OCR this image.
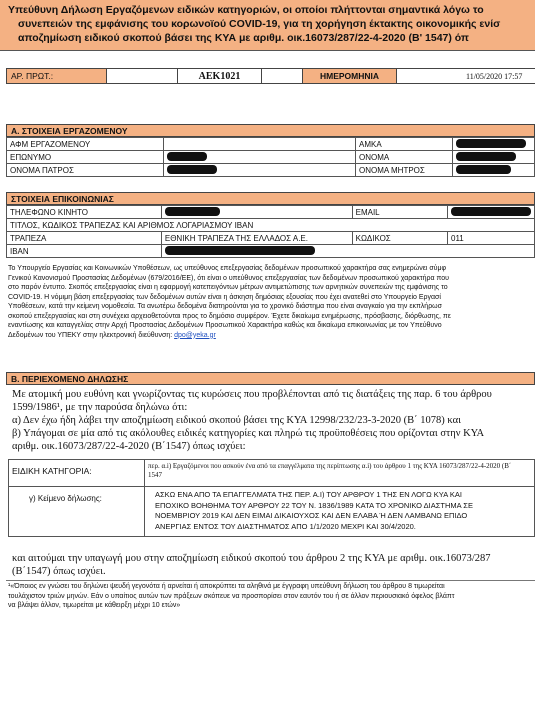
Υπεύθυνη Δήλωση Εργαζόμενων ειδικών κατηγοριών, οι οποίοι πλήττονται σημαντικά λόγω το
συνεπειών της εμφάνισης του κορωνοϊού COVID-19, για τη χορήγηση έκτακτης οικονομικής ενίσ
αποζημίωση ειδικού σκοπού βάσει της ΚΥΑ με αριθμ. οικ.16073/287/22-4-2020 (Β' 1547) όπ
ΑΡ. ΠΡΩΤ.:	ΑΕΚ1021	ΗΜΕΡΟΜΗΝΙΑ	11/05/2020 17:57
Α. ΣΤΟΙΧΕΙΑ ΕΡΓΑΖΟΜΕΝΟΥ
ΑΦΜ ΕΡΓΑΖΟΜΕΝΟΥ		ΑΜΚΑ	
ΕΠΩΝΥΜΟ		ΟΝΟΜΑ	
ΟΝΟΜΑ ΠΑΤΡΟΣ		ΟΝΟΜΑ ΜΗΤΡΟΣ	
ΣΤΟΙΧΕΙΑ ΕΠΙΚΟΙΝΩΝΙΑΣ
ΤΗΛΕΦΩΝΟ ΚΙΝΗΤΟ		EMAIL	
ΤΙΤΛΟΣ, ΚΩΔΙΚΟΣ ΤΡΑΠΕΖΑΣ ΚΑΙ ΑΡΙΘΜΟΣ ΛΟΓΑΡΙΑΣΜΟΥ IBAN			
ΤΡΑΠΕΖΑ	ΕΘΝΙΚΗ ΤΡΑΠΕΖΑ ΤΗΣ ΕΛΛΑΔΟΣ Α.Ε.	ΚΩΔΙΚΟΣ	011
IBAN			
Το Υπουργείο Εργασίας και Κοινωνικών Υποθέσεων, ως υπεύθυνος επεξεργασίας δεδομένων προσωπικού χαρακτήρα σας ενημερώνει σύμφ
Γενικού Κανονισμού Προστασίας Δεδομένων (679/2016/ΕΕ), ότι είναι ο υπεύθυνος επεξεργασίας των δεδομένων προσωπικού χαρακτήρα που
στο παρόν έντυπο. Σκοπός επεξεργασίας είναι η εφαρμογή κατεπειγόντων μέτρων αντιμετώπισης των αρνητικών συνεπειών της εμφάνισης το
COVID-19. Η νόμιμη βάση επεξεργασίας των δεδομένων αυτών είναι η άσκηση δημόσιας εξουσίας που έχει ανατεθεί στο Υπουργείο Εργασί
Υποθέσεων, κατά την κείμενη νομοθεσία. Τα ανωτέρω δεδομένα διατηρούνται για το χρονικό διάστημα που είναι αναγκαίο για την εκπλήρωσ
σκοπού επεξεργασίας και στη συνέχεια αρχειοθετούνται προς το δημόσιο συμφέρον. Έχετε δικαίωμα ενημέρωσης, πρόσβασης, διόρθωσης, πε
εναντίωσης και καταγγελίας στην Αρχή Προστασίας Δεδομένων Προσωπικού Χαρακτήρα καθώς και δικαίωμα επικοινωνίας με τον Υπεύθυνο
Δεδομένων του ΥΠΕΚΥ στην ηλεκτρονική διεύθυνση: dpo@yeka.gr
Β. ΠΕΡΙΕΧΟΜΕΝΟ ΔΗΛΩΣΗΣ
Με ατομική μου ευθύνη και γνωρίζοντας τις κυρώσεις που προβλέπονται από τις διατάξεις της παρ. 6 του άρθρου
1599/1986¹, με την παρούσα δηλώνω ότι:
α) Δεν έχω ήδη λάβει την αποζημίωση ειδικού σκοπού βάσει της ΚΥΑ 12998/232/23-3-2020 (Β΄ 1078) και
β) Υπάγομαι σε μία από τις ακόλουθες ειδικές κατηγορίες και πληρώ τις προϋποθέσεις που ορίζονται στην ΚΥΑ
αριθμ. οικ.16073/287/22-4-2020 (Β΄1547) όπως ισχύει:
ΕΙΔΙΚΗ ΚΑΤΗΓΟΡΙΑ:	περ. α.i) Εργαζόμενοι που ασκούν ένα από τα επαγγέλματα της περίπτωσης α.i) του άρθρου 1 της ΚΥΑ 16073/287/22-4-2020 (Β΄
1547
γ) Κείμενο δήλωσης:	ΑΣΚΩ ΕΝΑ ΑΠΟ ΤΑ ΕΠΑΓΓΕΛΜΑΤΑ ΤΗΣ ΠΕΡ. Α.Ι) ΤΟΥ ΑΡΘΡΟΥ 1 ΤΗΣ ΕΝ ΛΟΓΩ ΚΥΑ ΚΑΙ
ΕΠΟΧΙΚΟ ΒΟΗΘΗΜΑ ΤΟΥ ΑΡΘΡΟΥ 22 ΤΟΥ Ν. 1836/1989 ΚΑΤΑ ΤΟ ΧΡΟΝΙΚΟ ΔΙΑΣΤΗΜΑ ΣΕ
ΝΟΕΜΒΡΙΟΥ 2019 ΚΑΙ ΔΕΝ ΕΙΜΑΙ ΔΙΚΑΙΟΥΧΟΣ ΚΑΙ ΔΕΝ ΕΛΑΒΑ Ή ΔΕΝ ΛΑΜΒΑΝΩ ΕΠΙΔΟ
ΑΝΕΡΓΙΑΣ ΕΝΤΟΣ ΤΟΥ ΔΙΑΣΤΗΜΑΤΟΣ ΑΠΟ 1/1/2020 ΜΕΧΡΙ ΚΑΙ 30/4/2020.
και αιτούμαι την υπαγωγή μου στην αποζημίωση ειδικού σκοπού του άρθρου 2 της ΚΥΑ με αριθμ. οικ.16073/287
(Β΄1547) όπως ισχύει.
¹«Όποιος εν γνώσει του δηλώνει ψευδή γεγονότα ή αρνείται ή αποκρύπτει τα αληθινά με έγγραφη υπεύθυνη δήλωση του άρθρου 8 τιμωρείται
τουλάχιστον τριών μηνών. Εάν ο υπαίτιος αυτών των πράξεων σκόπευε να προσπορίσει στον εαυτόν του ή σε άλλον περιουσιακό όφελος βλάπτ
να βλάψει άλλον, τιμωρείται με κάθειρξη μέχρι 10 ετών»
